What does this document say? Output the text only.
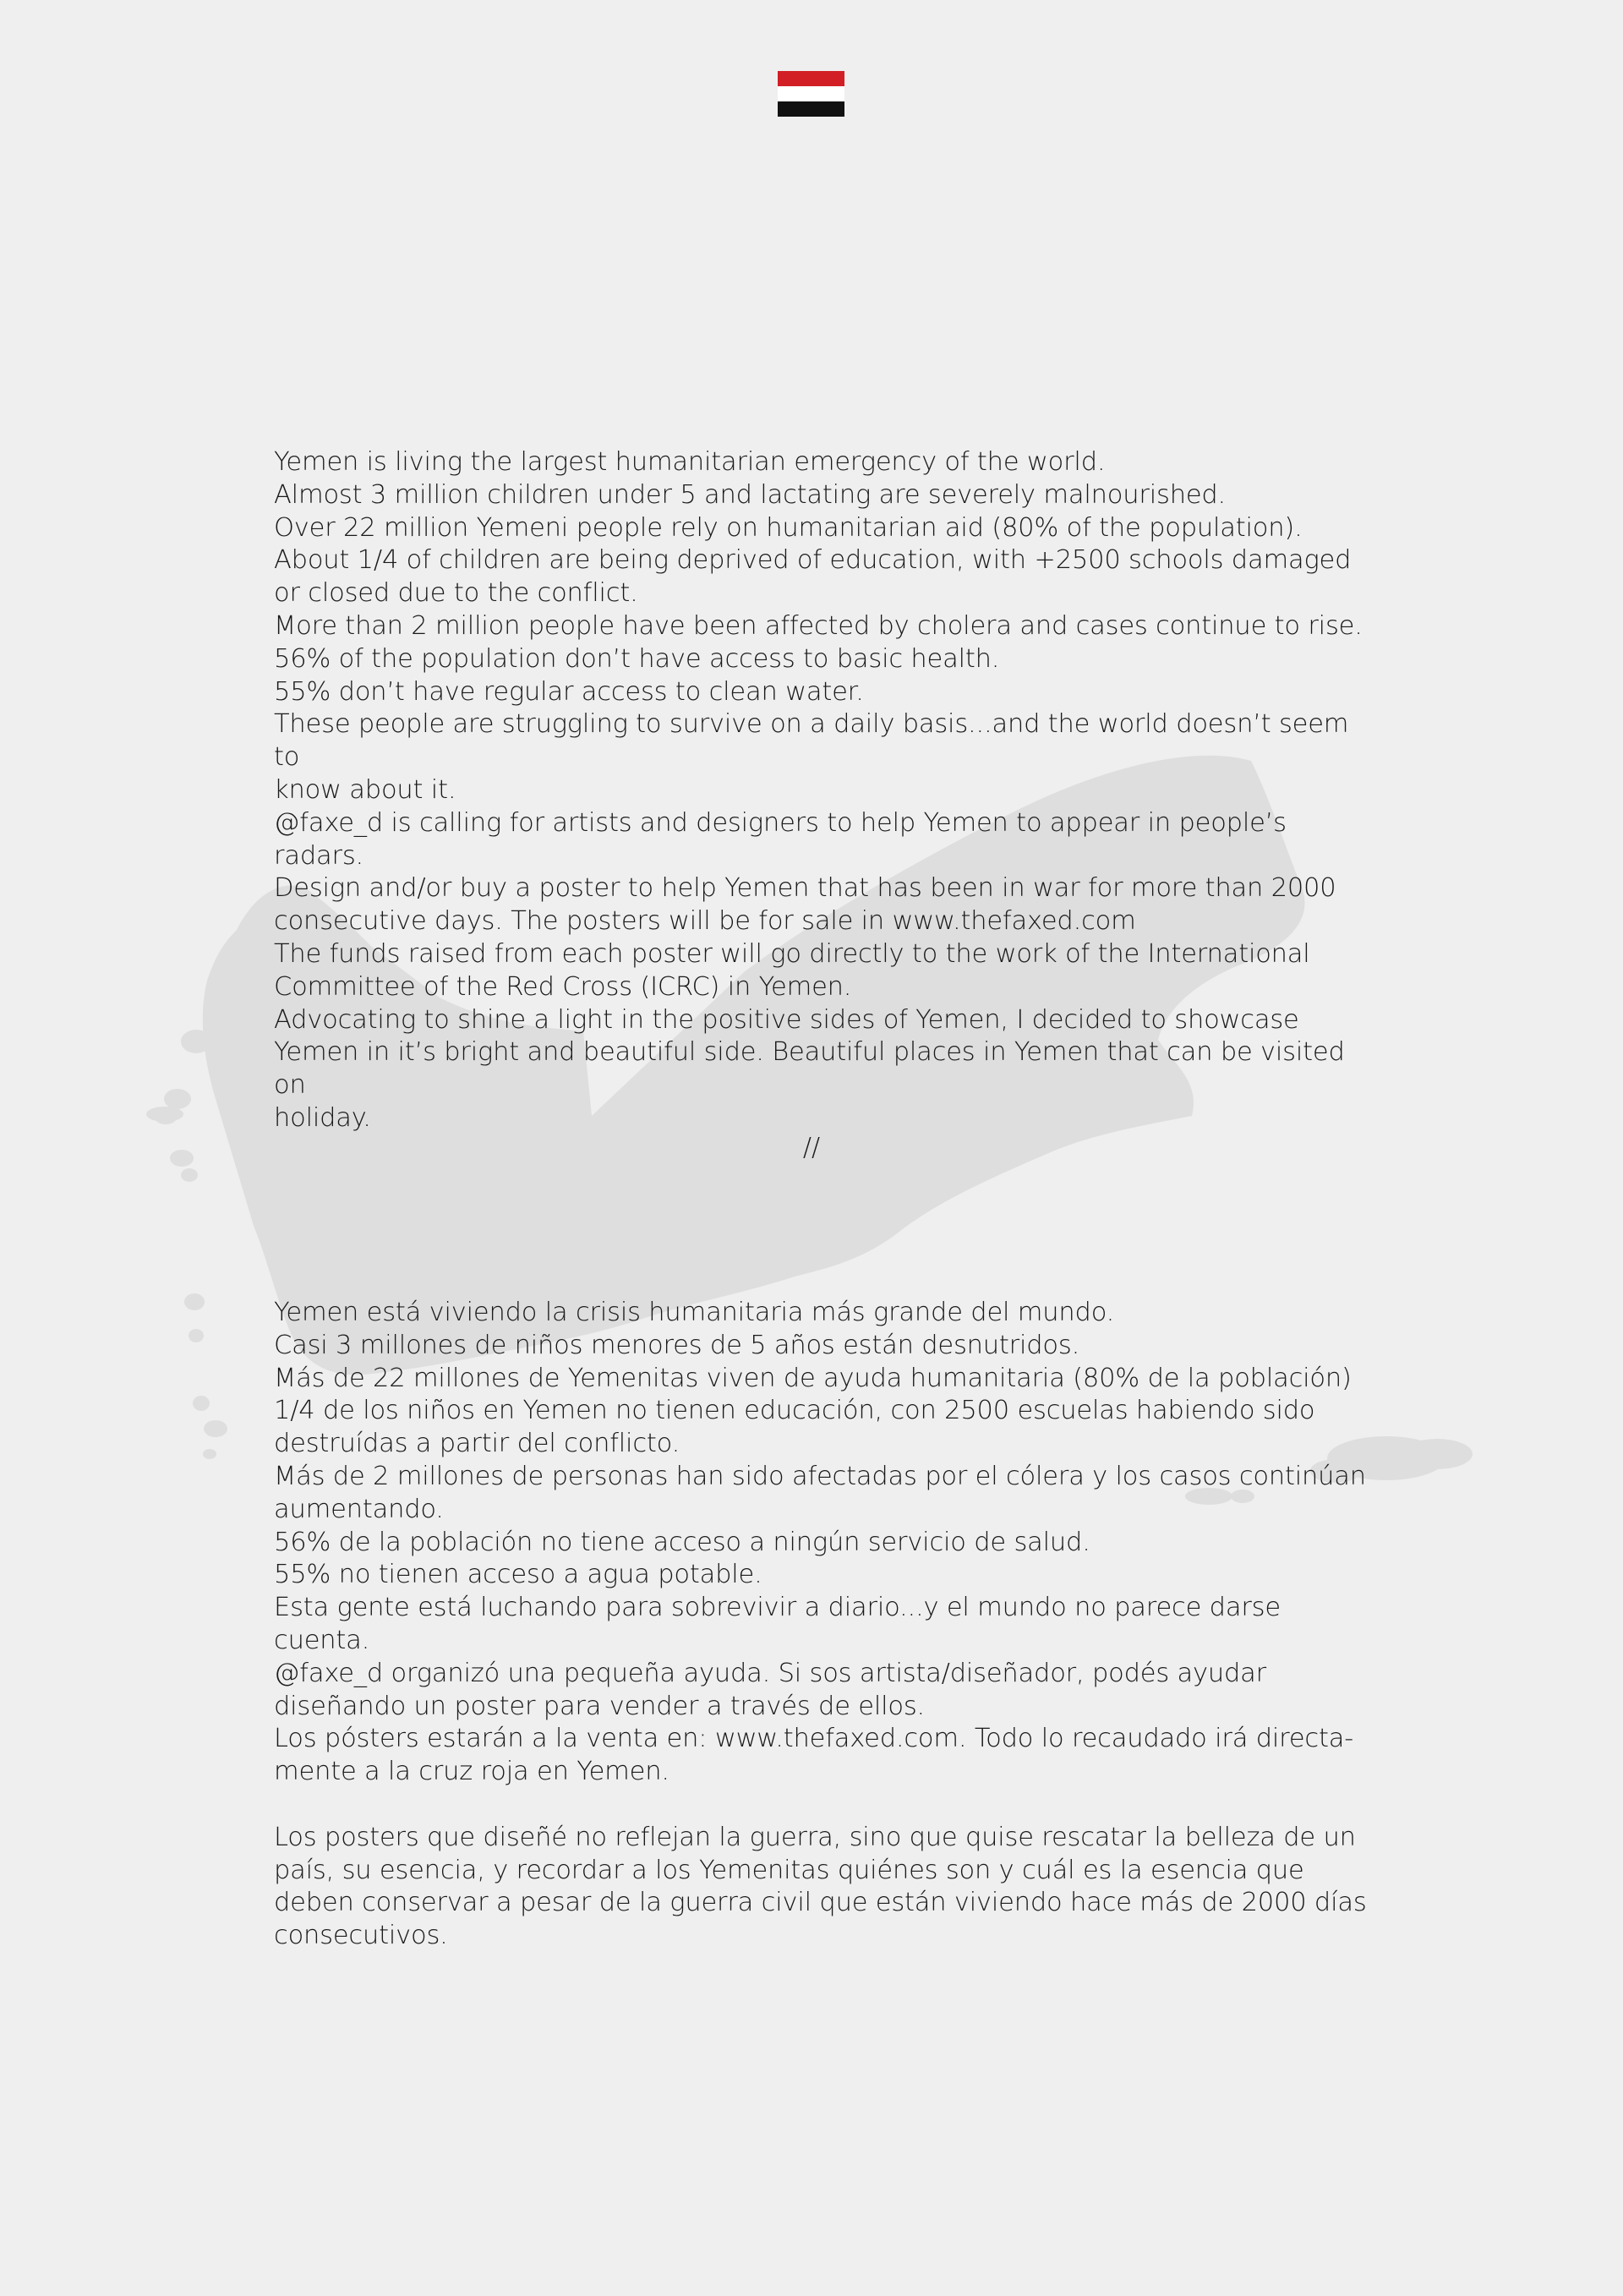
Yemen is living the largest humanitarian emergency of the world.

Almost 3 million children under 5 and lactating are severely malnourished.

Over 22 million Yemeni people rely on humanitarian aid (80% of the population).

About 1/4 of children are being deprived of education, with +2500 schools damaged
or closed due to the conflict.

More than 2 million people have been affected by cholera and cases continue to rise.

56% of the population don’t have access to basic health.

55% don’t have regular access to clean water.

These people are struggling to survive on a daily basis...and the world doesn’t seem to
know about it.

@faxe_d is calling for artists and designers to help Yemen to appear in people’s radars.

Design and/or buy a poster to help Yemen that has been in war for more than 2000
consecutive days. The posters will be for sale in www.thefaxed.com

The funds raised from each poster will go directly to the work of the International
Committee of the Red Cross (ICRC) in Yemen.

Advocating to shine a light in the positive sides of Yemen, I decided to showcase
Yemen in it’s bright and beautiful side. Beautiful places in Yemen that can be visited on
holiday.

//

Yemen está viviendo la crisis humanitaria más grande del mundo.

Casi 3 millones de niños menores de 5 años están desnutridos.

Más de 22 millones de Yemenitas viven de ayuda humanitaria (80% de la población)

1/4 de los niños en Yemen no tienen educación, con 2500 escuelas habiendo sido
destruídas a partir del conflicto.

Más de 2 millones de personas han sido afectadas por el cólera y los casos continúan
aumentando.

56% de la población no tiene acceso a ningún servicio de salud.

55% no tienen acceso a agua potable.

Esta gente está luchando para sobrevivir a diario...y el mundo no parece darse cuenta.

@faxe_d organizó una pequeña ayuda. Si sos artista/diseñador, podés ayudar
diseñando un poster para vender a través de ellos.

Los pósters estarán a la venta en: www.thefaxed.com. Todo lo recaudado irá directa-
mente a la cruz roja en Yemen.

Los posters que diseñé no reflejan la guerra, sino que quise rescatar la belleza de un
país, su esencia, y recordar a los Yemenitas quiénes son y cuál es la esencia que
deben conservar a pesar de la guerra civil que están viviendo hace más de 2000 días
consecutivos.
